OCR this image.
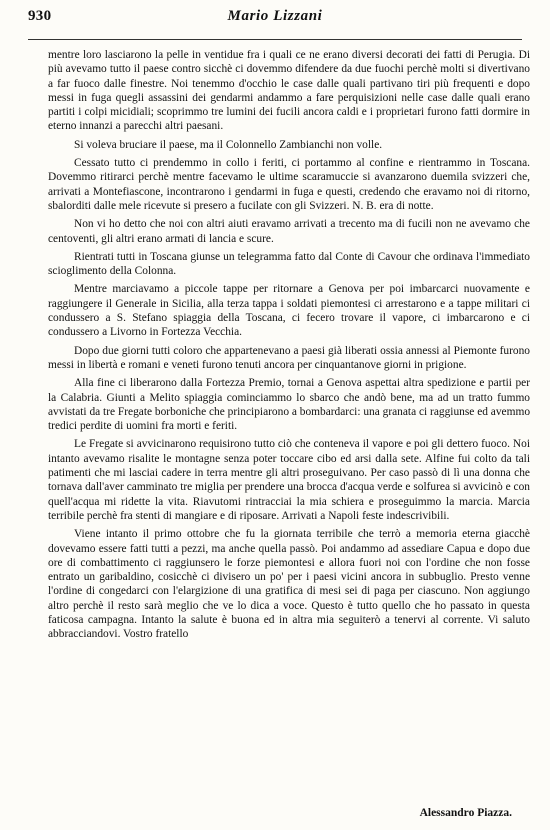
930	Mario Lizzani

mentre loro lasciarono la pelle in ventidue fra i quali ce ne erano diversi decorati dei fatti di Perugia. Di più avevamo tutto il paese contro sicchè ci dovemmo difendere da due fuochi perchè molti si divertivano a far fuoco dalle finestre. Noi tenemmo d'occhio le case dalle quali partivano tiri più frequenti e dopo messi in fuga quegli assassini dei gendarmi andammo a fare perquisizioni nelle case dalle quali erano partiti i colpi micidiali; scoprimmo tre lumini dei fucili ancora caldi e i proprietari furono fatti dormire in eterno innanzi a parecchi altri paesani.

Si voleva bruciare il paese, ma il Colonnello Zambianchi non volle.

Cessato tutto ci prendemmo in collo i feriti, ci portammo al confine e rientrammo in Toscana. Dovemmo ritirarci perchè mentre facevamo le ultime scaramuccie si avanzarono duemila svizzeri che, arrivati a Montefiascone, incontrarono i gendarmi in fuga e questi, credendo che eravamo noi di ritorno, sbalorditi dalle mele ricevute si presero a fucilate con gli Svizzeri. N. B. era di notte.

Non vi ho detto che noi con altri aiuti eravamo arrivati a trecento ma di fucili non ne avevamo che centoventi, gli altri erano armati di lancia e scure.

Rientrati tutti in Toscana giunse un telegramma fatto dal Conte di Cavour che ordinava l'immediato scioglimento della Colonna.

Mentre marciavamo a piccole tappe per ritornare a Genova per poi imbarcarci nuovamente e raggiungere il Generale in Sicilia, alla terza tappa i soldati piemontesi ci arrestarono e a tappe militari ci condussero a S. Stefano spiaggia della Toscana, ci fecero trovare il vapore, ci imbarcarono e ci condussero a Livorno in Fortezza Vecchia.

Dopo due giorni tutti coloro che appartenevano a paesi già liberati ossia annessi al Piemonte furono messi in libertà e romani e veneti furono tenuti ancora per cinquantanove giorni in prigione.

Alla fine ci liberarono dalla Fortezza Premio, tornai a Genova aspettai altra spedizione e partii per la Calabria. Giunti a Melito spiaggia cominciammo lo sbarco che andò bene, ma ad un tratto fummo avvistati da tre Fregate borboniche che principiarono a bombardarci: una granata ci raggiunse ed avemmo tredici perdite di uomini fra morti e feriti.

Le Fregate si avvicinarono requisirono tutto ciò che conteneva il vapore e poi gli dettero fuoco. Noi intanto avevamo risalite le montagne senza poter toccare cibo ed arsi dalla sete. Alfine fui colto da tali patimenti che mi lasciai cadere in terra mentre gli altri proseguivano. Per caso passò di lì una donna che tornava dall'aver camminato tre miglia per prendere una brocca d'acqua verde e solfurea si avvicinò e con quell'acqua mi ridette la vita. Riavutomi rintracciai la mia schiera e proseguimmo la marcia. Marcia terribile perchè fra stenti di mangiare e di riposare. Arrivati a Napoli feste indescrivibili.

Viene intanto il primo ottobre che fu la giornata terribile che terrò a memoria eterna giacchè dovevamo essere fatti tutti a pezzi, ma anche quella passò. Poi andammo ad assediare Capua e dopo due ore di combattimento ci raggiunsero le forze piemontesi e allora fuori noi con l'ordine che non fosse entrato un garibaldino, cosicchè ci divisero un po' per i paesi vicini ancora in subbuglio. Presto venne l'ordine di congedarci con l'elargizione di una gratifica di mesi sei di paga per ciascuno. Non aggiungo altro perchè il resto sarà meglio che ve lo dica a voce. Questo è tutto quello che ho passato in questa faticosa campagna. Intanto la salute è buona ed in altra mia seguiterò a tenervi al corrente. Vi saluto abbracciandovi. Vostro fratello

Alessandro Piazza.
